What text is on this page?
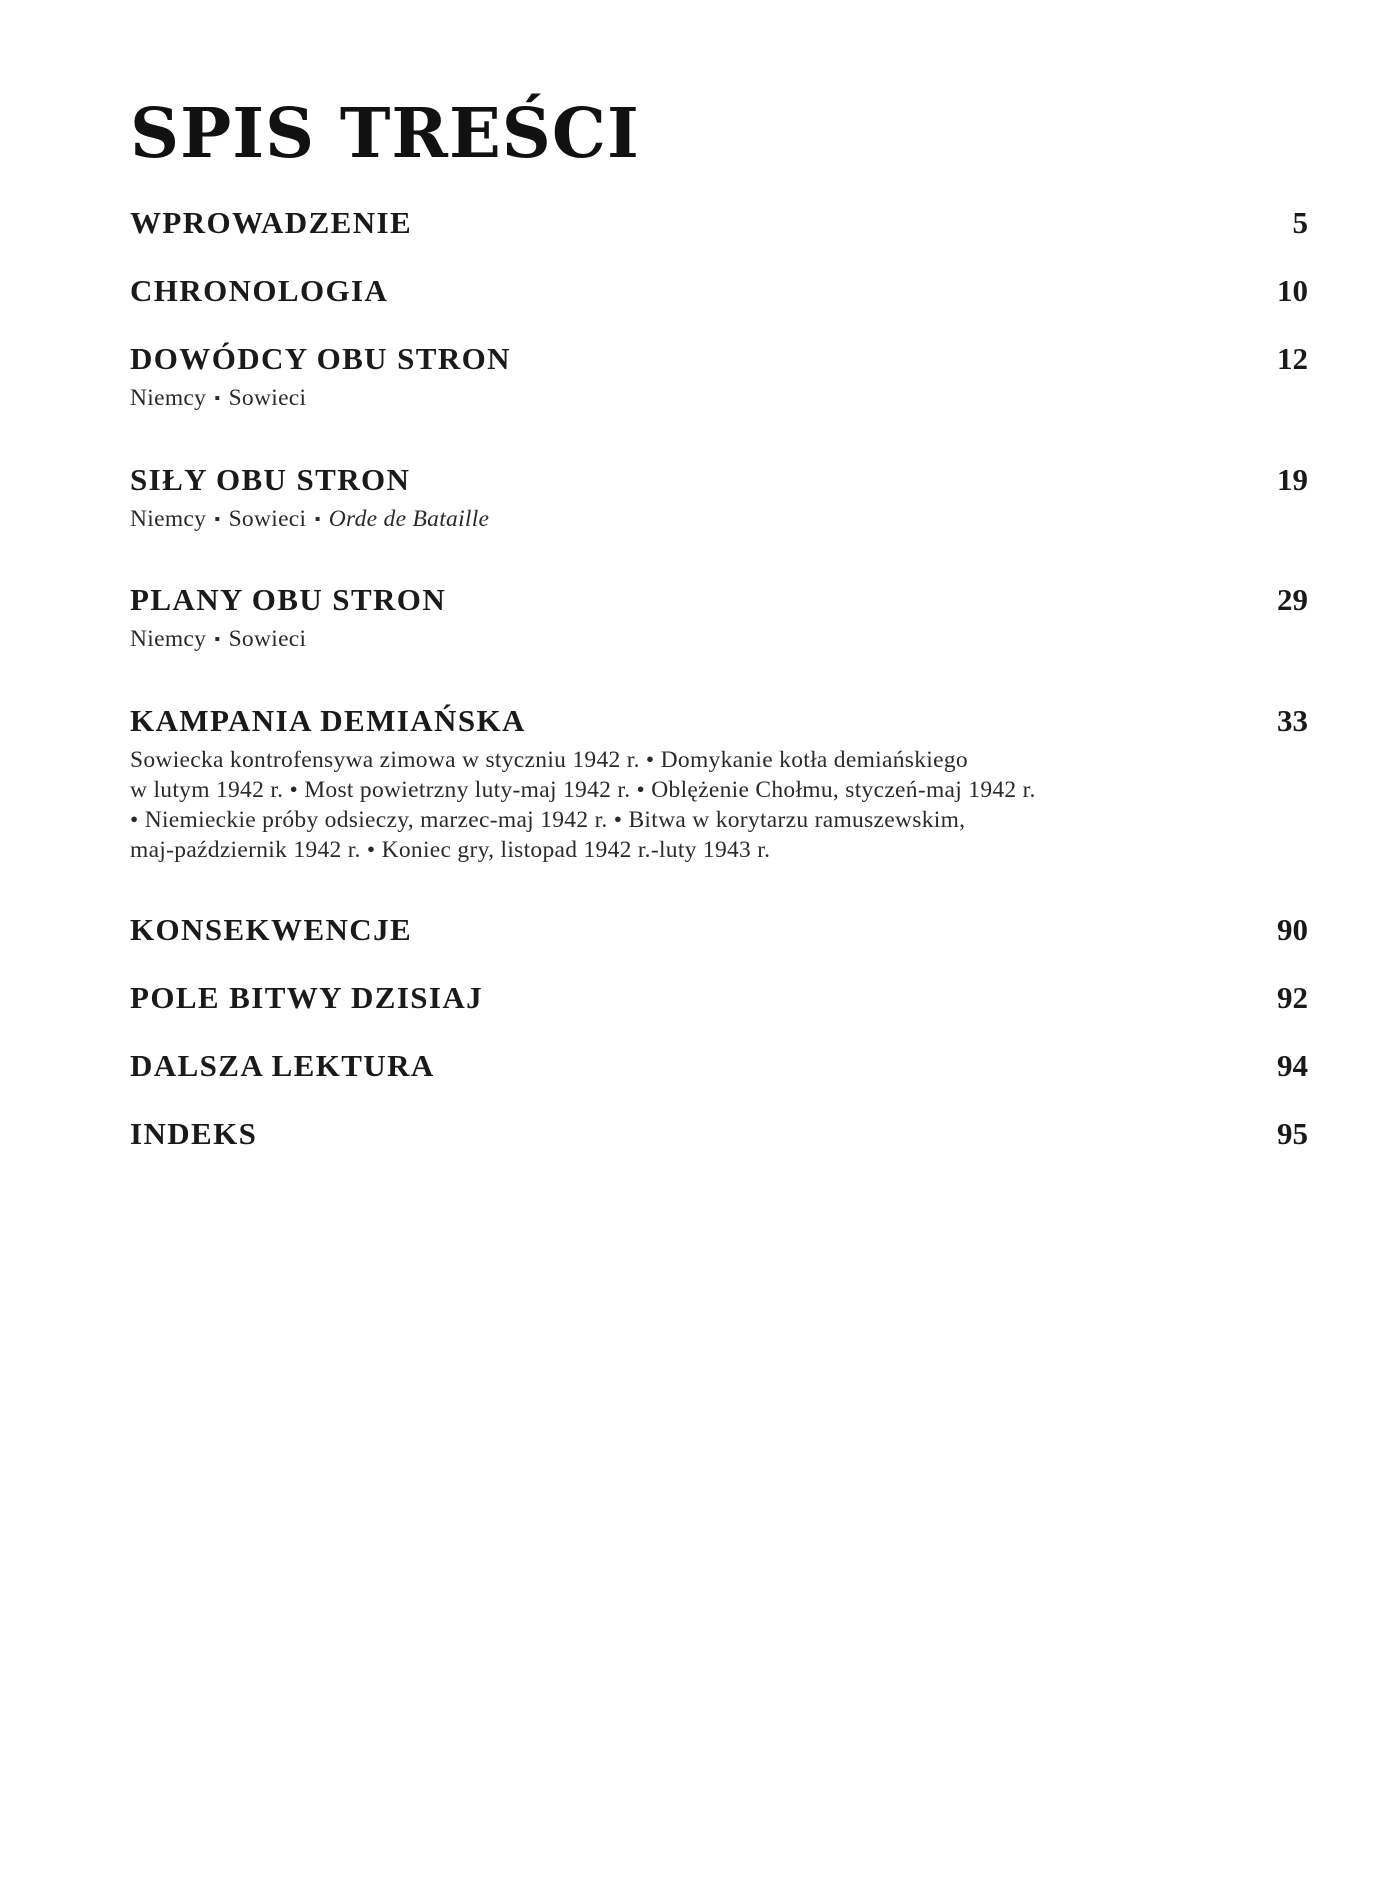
SPIS TREŚCI
WPROWADZENIE	5
CHRONOLOGIA	10
DOWÓDCY OBU STRON	12
Niemcy ▪ Sowieci
SIŁY OBU STRON	19
Niemcy ▪ Sowieci ▪ Orde de Bataille
PLANY OBU STRON	29
Niemcy ▪ Sowieci
KAMPANIA DEMIAŃSKA	33
Sowiecka kontrofensywa zimowa w styczniu 1942 r. • Domykanie kotła demiańskiego
w lutym 1942 r. • Most powietrzny luty-maj 1942 r. • Oblężenie Chołmu, styczeń-maj 1942 r.
• Niemieckie próby odsieczy, marzec-maj 1942 r. • Bitwa w korytarzu ramuszewskim,
maj-październik 1942 r. • Koniec gry, listopad 1942 r.-luty 1943 r.
KONSEKWENCJE	90
POLE BITWY DZISIAJ	92
DALSZA LEKTURA	94
INDEKS	95
